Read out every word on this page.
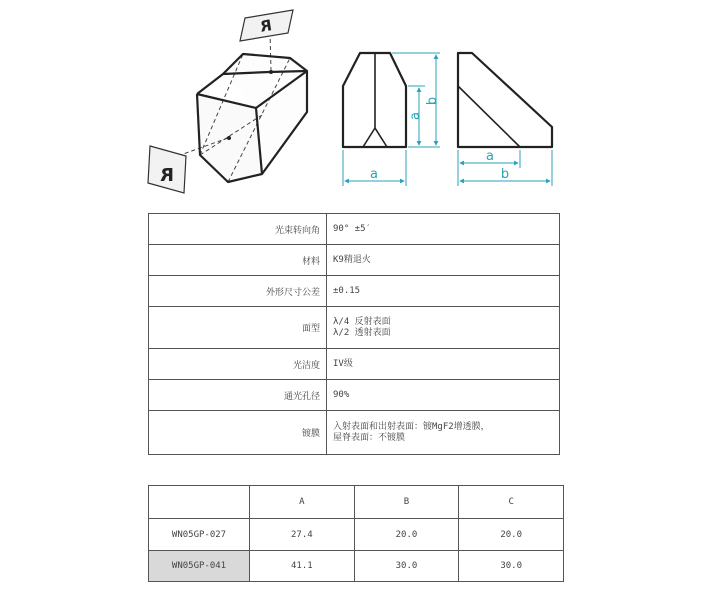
R
R	a
a
b
a
b
光束转向角	90° ±5′

材料	K9精退火

外形尺寸公差	±0.15

面型	λ/4 反射表面
λ/2 透射表面

光洁度	IV级

通光孔径	90%

镀膜	入射表面和出射表面：镀MgF2增透膜，
屋脊表面：不镀膜
	A	B	C
WN05GP-027	27.4	20.0	20.0
WN05GP-041	41.1	30.0	30.0
